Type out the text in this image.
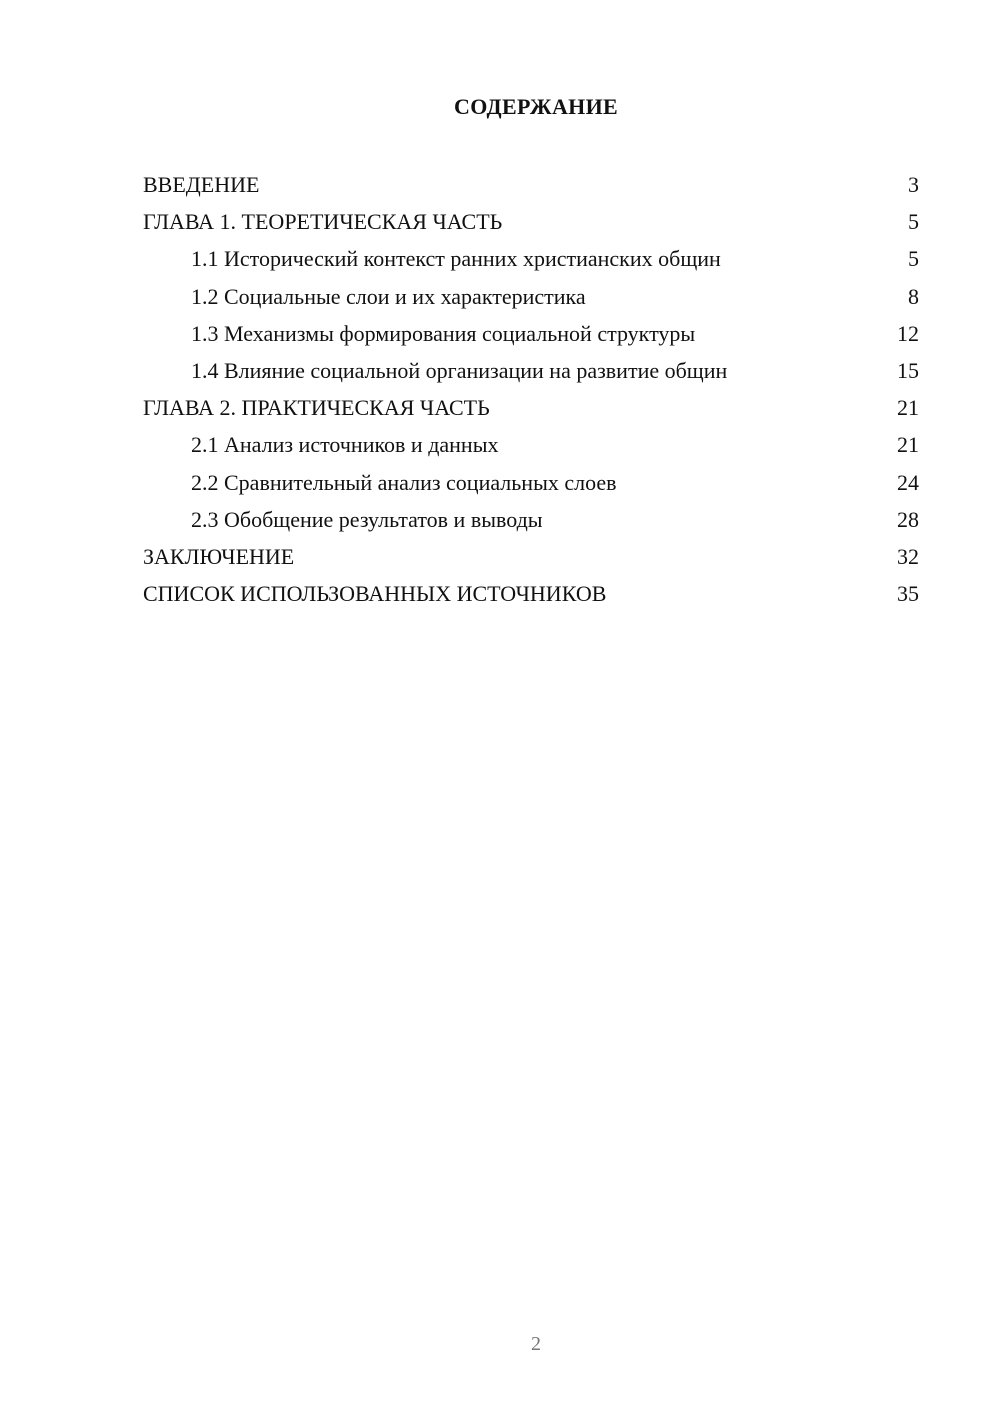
СОДЕРЖАНИЕ
ВВЕДЕНИЕ	3
ГЛАВА 1. ТЕОРЕТИЧЕСКАЯ ЧАСТЬ	5
1.1 Исторический контекст ранних христианских общин	5
1.2 Социальные слои и их характеристика	8
1.3 Механизмы формирования социальной структуры	12
1.4 Влияние социальной организации на развитие общин	15
ГЛАВА 2. ПРАКТИЧЕСКАЯ ЧАСТЬ	21
2.1 Анализ источников и данных	21
2.2 Сравнительный анализ социальных слоев	24
2.3 Обобщение результатов и выводы	28
ЗАКЛЮЧЕНИЕ	32
СПИСОК ИСПОЛЬЗОВАННЫХ ИСТОЧНИКОВ	35
2
